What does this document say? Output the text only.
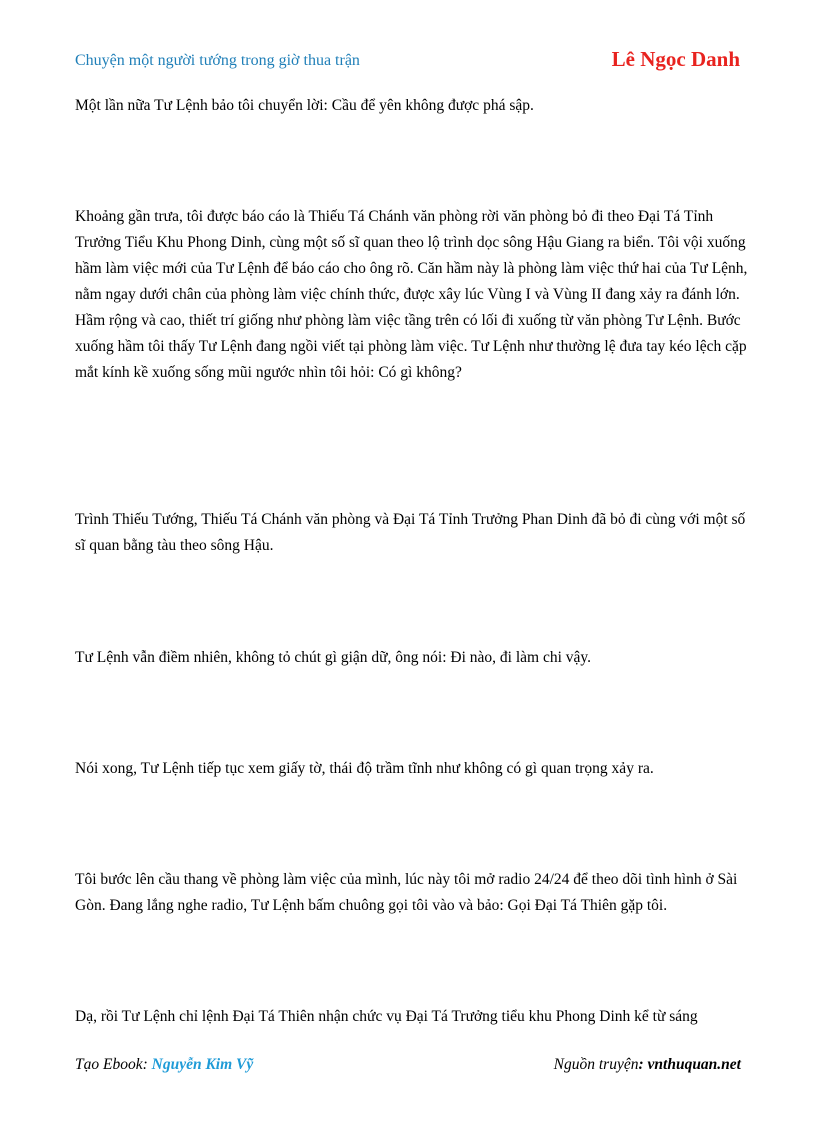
Chuyện một người tướng trong giờ thua trận	Lê Ngọc Danh

Một lần nữa Tư Lệnh bảo tôi chuyển lời: Cầu để yên không được phá sập.

Khoảng gần trưa, tôi được báo cáo là Thiếu Tá Chánh văn phòng rời văn phòng bỏ đi theo Đại Tá Tỉnh Trưởng Tiểu Khu Phong Dinh, cùng một số sĩ quan theo lộ trình dọc sông Hậu Giang ra biển. Tôi vội xuống hầm làm việc mới của Tư Lệnh để báo cáo cho ông rõ. Căn hầm này là phòng làm việc thứ hai của Tư Lệnh, nằm ngay dưới chân của phòng làm việc chính thức, được xây lúc Vùng I và Vùng II đang xảy ra đánh lớn. Hầm rộng và cao, thiết trí giống như phòng làm việc tầng trên có lối đi xuống từ văn phòng Tư Lệnh. Bước xuống hầm tôi thấy Tư Lệnh đang ngồi viết tại phòng làm việc. Tư Lệnh như thường lệ đưa tay kéo lệch cặp mắt kính kề xuống sống mũi ngước nhìn tôi hỏi: Có gì không?

Trình Thiếu Tướng, Thiếu Tá Chánh văn phòng và Đại Tá Tỉnh Trưởng Phan Dinh đã bỏ đi cùng với một số sĩ quan bằng tàu theo sông Hậu.

Tư Lệnh vẫn điềm nhiên, không tỏ chút gì giận dữ, ông nói: Đi nào, đi làm chi vậy.

Nói xong, Tư Lệnh tiếp tục xem giấy tờ, thái độ trầm tĩnh như không có gì quan trọng xảy ra.

Tôi bước lên cầu thang về phòng làm việc của mình, lúc này tôi mở radio 24/24 để theo dõi tình hình ở Sài Gòn. Đang lắng nghe radio, Tư Lệnh bấm chuông gọi tôi vào và bảo: Gọi Đại Tá Thiên gặp tôi.

Dạ, rồi Tư Lệnh chỉ lệnh Đại Tá Thiên nhận chức vụ Đại Tá Trưởng tiểu khu Phong Dinh kể từ sáng

Tạo Ebook: Nguyễn Kim Vỹ	Nguồn truyện: vnthuquan.net
